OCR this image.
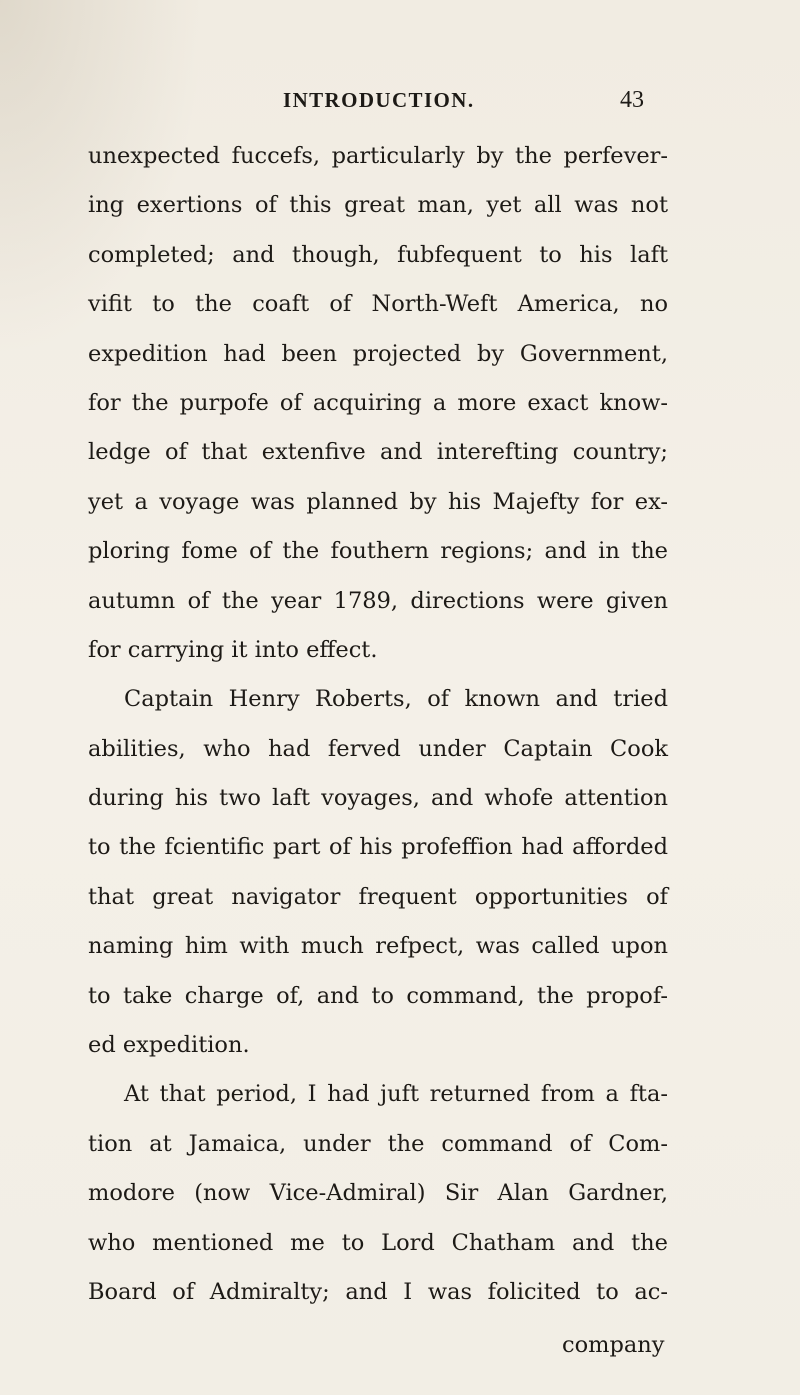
INTRODUCTION.	43
unexpected fuccefs, particularly by the perfever-
ing exertions of this great man, yet all was not
completed; and though, fubfequent to his laft
vifit to the coaft of North-Weft America, no
expedition had been projected by Government,
for the purpofe of acquiring a more exact know-
ledge of that extenfive and interefting country;
yet a voyage was planned by his Majefty for ex-
ploring fome of the fouthern regions; and in the
autumn of the year 1789, directions were given
for carrying it into effect.
Captain Henry Roberts, of known and tried
abilities, who had ferved under Captain Cook
during his two laft voyages, and whofe attention
to the fcientific part of his profeffion had afforded
that great navigator frequent opportunities of
naming him with much refpect, was called upon
to take charge of, and to command, the propof-
ed expedition.
At that period, I had juft returned from a fta-
tion at Jamaica, under the command of Com-
modore (now Vice-Admiral) Sir Alan Gardner,
who mentioned me to Lord Chatham and the
Board of Admiralty; and I was folicited to ac-
company
